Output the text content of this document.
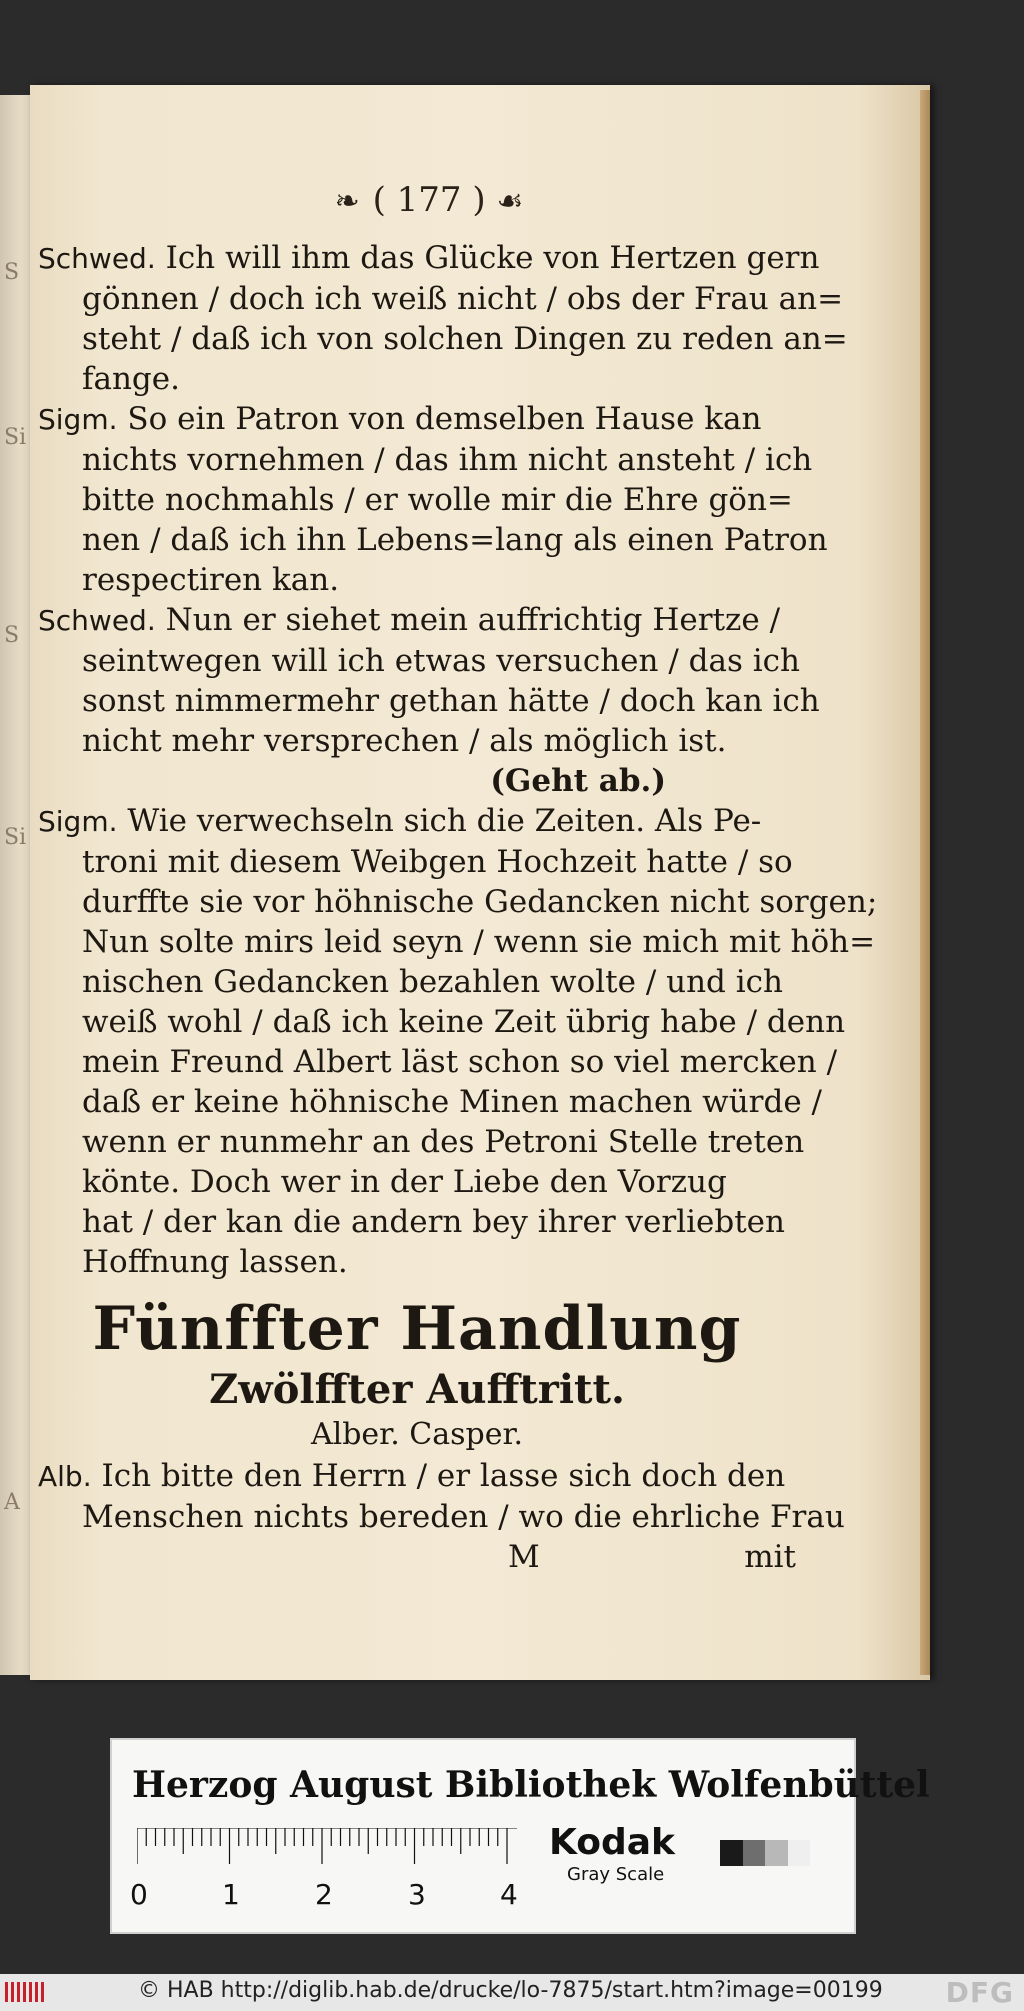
S
Si
S
Si
A
❧ ( 177 ) ☙
Schwed. Ich will ihm das Glücke von Hertzen gern
gönnen / doch ich weiß nicht / obs der Frau an=
steht / daß ich von solchen Dingen zu reden an=
fange.
Sigm. So ein Patron von demselben Hause kan
nichts vornehmen / das ihm nicht ansteht / ich
bitte nochmahls / er wolle mir die Ehre gön=
nen / daß ich ihn Lebens=lang als einen Patron
respectiren kan.
Schwed. Nun er siehet mein auffrichtig Hertze /
seintwegen will ich etwas versuchen / das ich
sonst nimmermehr gethan hätte / doch kan ich
nicht mehr versprechen / als möglich ist.
(Geht ab.)
Sigm. Wie verwechseln sich die Zeiten. Als Pe-
troni mit diesem Weibgen Hochzeit hatte / so
durffte sie vor höhnische Gedancken nicht sorgen;
Nun solte mirs leid seyn / wenn sie mich mit höh=
nischen Gedancken bezahlen wolte / und ich
weiß wohl / daß ich keine Zeit übrig habe / denn
mein Freund Albert läst schon so viel mercken /
daß er keine höhnische Minen machen würde /
wenn er nunmehr an des Petroni Stelle treten
könte. Doch wer in der Liebe den Vorzug
hat / der kan die andern bey ihrer verliebten
Hoffnung lassen.
Fünffter Handlung
Zwölffter Aufftritt.
Alber. Casper.
Alb. Ich bitte den Herrn / er lasse sich doch den
Menschen nichts bereden / wo die ehrliche Frau
M	mit
Herzog August Bibliothek Wolfenbüttel
0	1	2	3	4
Kodak
Gray Scale
© HAB http://diglib.hab.de/drucke/lo-7875/start.htm?image=00199 DFG
